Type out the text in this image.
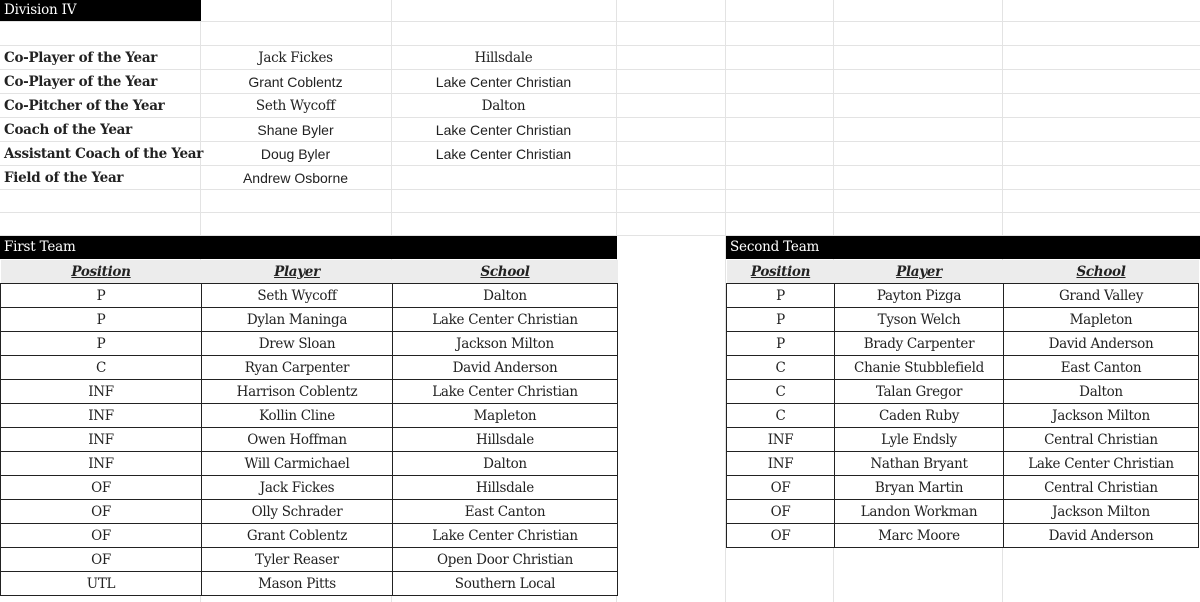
Division IV
Co-Player of the Year	Jack Fickes	Hillsdale
Co-Player of the Year	Grant Coblentz	Lake Center Christian
Co-Pitcher of the Year	Seth Wycoff	Dalton
Coach of the Year	Shane Byler	Lake Center Christian
Assistant Coach of the Year	Doug Byler	Lake Center Christian
Field of the Year	Andrew Osborne
First Team
Position	Player	School
P	Seth Wycoff	Dalton
P	Dylan Maninga	Lake Center Christian
P	Drew Sloan	Jackson Milton
C	Ryan Carpenter	David Anderson
INF	Harrison Coblentz	Lake Center Christian
INF	Kollin Cline	Mapleton
INF	Owen Hoffman	Hillsdale
INF	Will Carmichael	Dalton
OF	Jack Fickes	Hillsdale
OF	Olly Schrader	East Canton
OF	Grant Coblentz	Lake Center Christian
OF	Tyler Reaser	Open Door Christian
UTL	Mason Pitts	Southern Local
Second Team
Position	Player	School
P	Payton Pizga	Grand Valley
P	Tyson Welch	Mapleton
P	Brady Carpenter	David Anderson
C	Chanie Stubblefield	East Canton
C	Talan Gregor	Dalton
C	Caden Ruby	Jackson Milton
INF	Lyle Endsly	Central Christian
INF	Nathan Bryant	Lake Center Christian
OF	Bryan Martin	Central Christian
OF	Landon Workman	Jackson Milton
OF	Marc Moore	David Anderson
